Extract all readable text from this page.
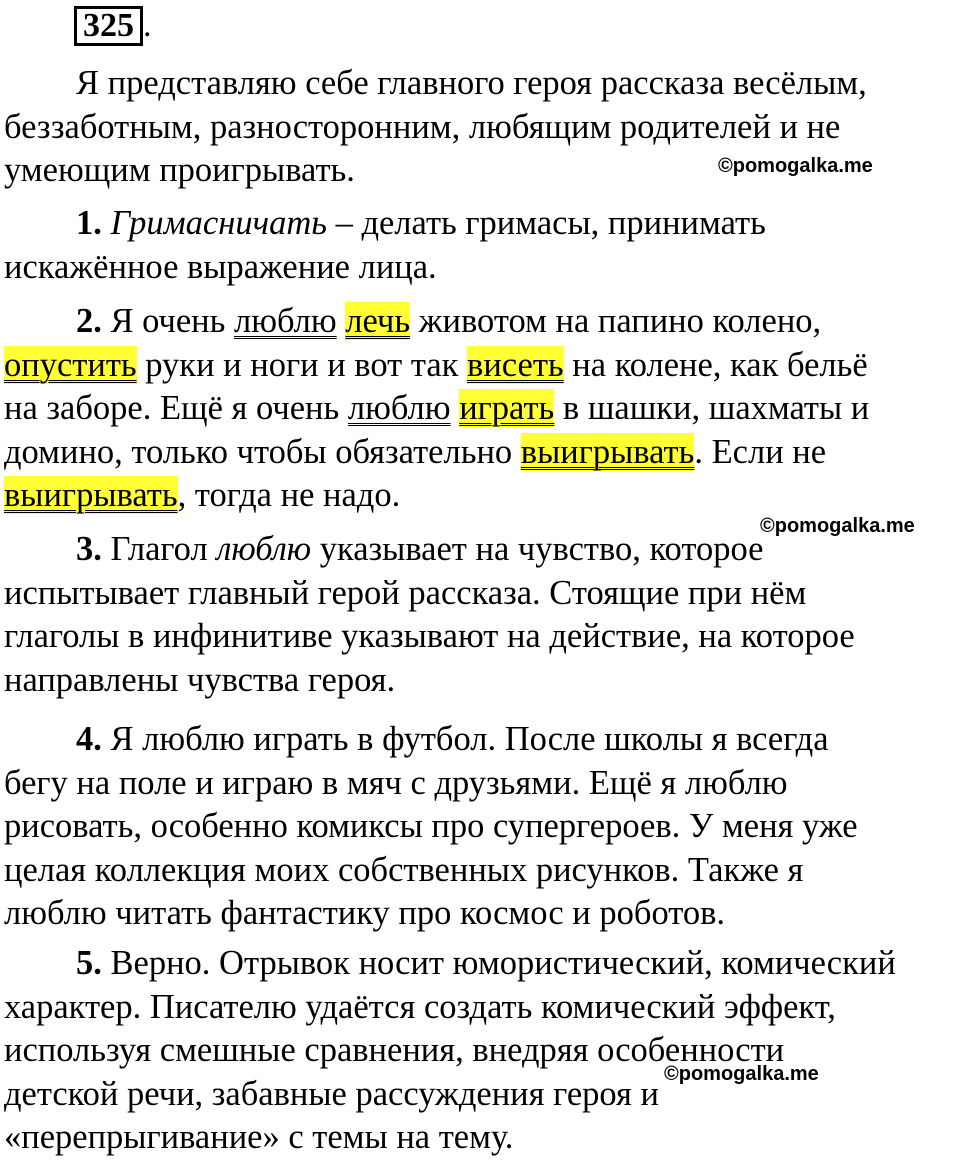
325 .

Я представляю себе главного героя рассказа весёлым,
беззаботным, разносторонним, любящим родителей и не
умеющим проигрывать.	©pomogalka.me

1. Гримасничать – делать гримасы, принимать
искажённое выражение лица.

2. Я очень люблю лечь животом на папино колено,
опустить руки и ноги и вот так висеть на колене, как бельё
на заборе. Ещё я очень люблю играть в шашки, шахматы и
домино, только чтобы обязательно выигрывать. Если не
выигрывать, тогда не надо.

©pomogalka.me

3. Глагол люблю указывает на чувство, которое
испытывает главный герой рассказа. Стоящие при нём
глаголы в инфинитиве указывают на действие, на которое
направлены чувства героя.

4. Я люблю играть в футбол. После школы я всегда
бегу на поле и играю в мяч с друзьями. Ещё я люблю
рисовать, особенно комиксы про супергероев. У меня уже
целая коллекция моих собственных рисунков. Также я
люблю читать фантастику про космос и роботов.

5. Верно. Отрывок носит юмористический, комический
характер. Писателю удаётся создать комический эффект,
используя смешные сравнения, внедряя особенности
детской речи, забавные рассуждения героя и
«перепрыгивание» с темы на тему.

©pomogalka.me
